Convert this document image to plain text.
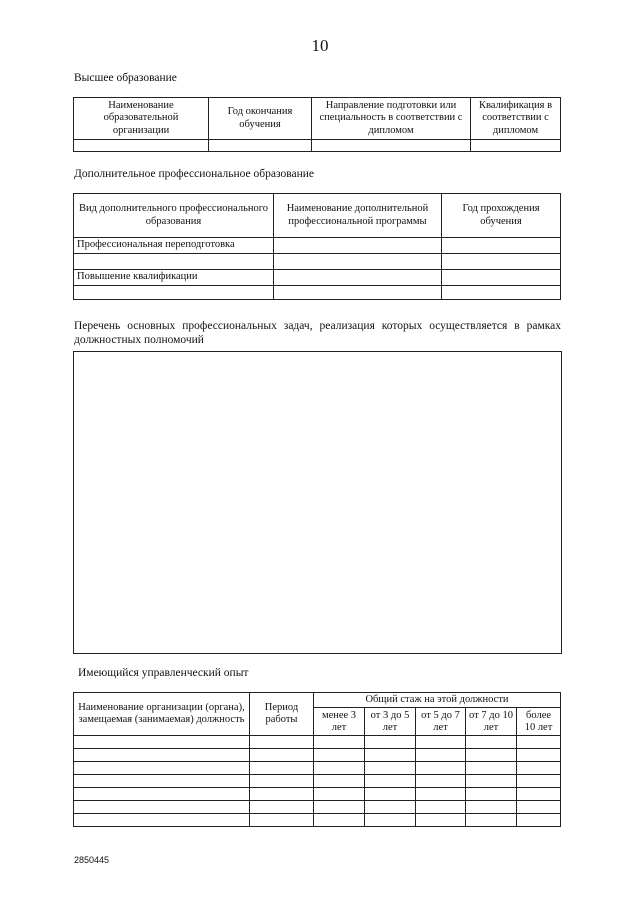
10
Высшее образование
Наименование образовательной организации	Год окончания обучения	Направление подготовки или специальность в соответствии с дипломом	Квалификация в соответствии с дипломом

Дополнительное профессиональное образование
Вид дополнительного профессионального образования	Наименование дополнительной профессиональной программы	Год прохождения обучения
Профессиональная переподготовка		

Повышение квалификации		

Перечень основных профессиональных задач, реализация которых осуществляется в рамках должностных полномочий
Имеющийся управленческий опыт
Наименование организации (органа), замещаемая (занимаемая) должность	Период работы	Общий стаж на этой должности				
		менее 3 лет	от 3 до 5 лет	от 5 до 7 лет	от 7 до 10 лет	более 10 лет

2850445
